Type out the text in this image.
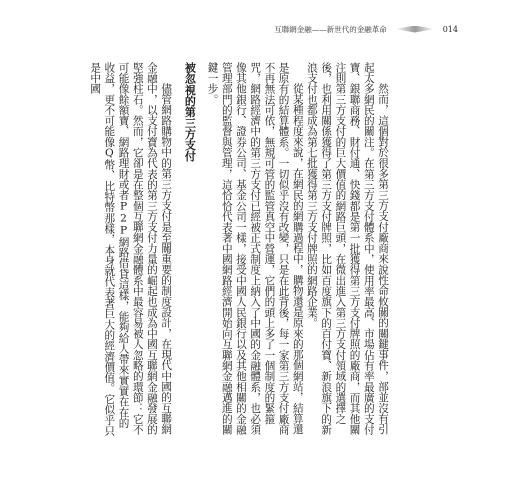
互聯網金融——新世代的金融革命	014

然而，這個對於很多第三方支付廠商來說性命攸關的關鍵事件，部並沒有引起太多網民的關注。在第三方支付體系中，使用率最高、市場佔有率最廣的支付寶、銀聯商務、財付通、快錢都是第一批獲得第三方支付牌照的廠商，而其他關注則第三方支付的巨大價值的網路巨頭，在微出進入第三方支付領域的選擇之後，也利用關係獲得了第三方支付牌照，比如百度旗下的百付寶、新浪旗下的新浪支付也都成為第七批獲得第三方支付牌照的網路企業。

從某種程度來說，在網民的網購過程中，購物還是原來的那個網站，結算還是原有的結算體系。一切似乎沒有改變，只是在此背後，每一家第三方支付廠商不再無法可依，無規可管的監管真空中營運，它們的頭上多了一個制度的緊箍咒，網路經濟中的第三方支付已經被正式制度上納入了中國的金融體系，也必須像其他銀行、證券公司、基金公司一樣，接受中國人民銀行以及其他相關的金融管理部門的監督與管理，這恰恰代表著中國網路經濟開始向互聯網金融邁進的關鍵一步。

被忽視的第三方支付

儘管網路購物中的第三方支付是至關重要的制度設計，在現代中國的互聯網金融中，以支付寶為代表的第三方支付力量的崛起也成為中國互聯網金融發展的堅強柱石。然而，它卻是在整個互聯網金融體系中最容易被人忽略的環節：它不可能像餘額寶、網路理財或者P2P網路借貸這樣，能夠給人帶來實實在在的收益，更不可能像Q幣、比特幣那樣，本身就代表著巨大的經濟價值。它似乎只是中國
